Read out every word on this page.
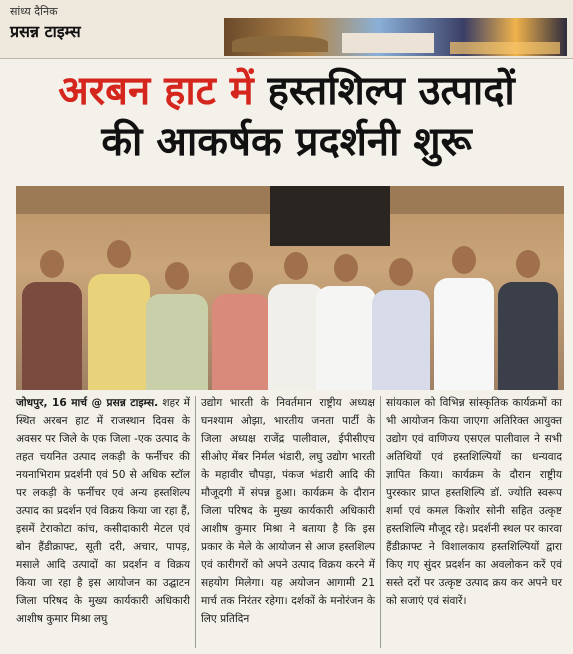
सांध्य दैनिक
प्रसन्न टाइम्स
अरबन हाट में हस्तशिल्प उत्पादों
की आकर्षक प्रदर्शनी शुरू
जोधपुर, 16 मार्च @ प्रसन्न टाइम्स. शहर में स्थित अरबन हाट में राजस्थान दिवस के अवसर पर जिले के एक जिला -एक उत्पाद के तहत चयनित उत्पाद लकड़ी के फर्नीचर की नयनाभिराम प्रदर्शनी एवं 50 से अधिक स्टॉल पर लकड़ी के फर्नीचर एवं अन्य हस्तशिल्प उत्पाद का प्रदर्शन एवं विक्रय किया जा रहा हैं, इसमें टेराकोटा कांच, कसीदाकारी मेटल एवं बोन हैंडीक्राफ्ट, सूती दरी, अचार, पापड़, मसाले आदि उत्पादों का प्रदर्शन व विक्रय किया जा रहा है इस आयोजन का उद्घाटन जिला परिषद के मुख्य कार्यकारी अधिकारी आशीष कुमार मिश्रा लघु
उद्योग भारती के निवर्तमान राष्ट्रीय अध्यक्ष घनश्याम ओझा, भारतीय जनता पार्टी के जिला अध्यक्ष राजेंद्र पालीवाल, ईपीसीएच सीओए मेंबर निर्मल भंडारी, लघु उद्योग भारती के महावीर चौपड़ा, पंकज भंडारी आदि की मौजूदगी में संपन्न हुआ। कार्यक्रम के दौरान जिला परिषद के मुख्य कार्यकारी अधिकारी आशीष कुमार मिश्रा ने बताया है कि इस प्रकार के मेले के आयोजन से आज हस्तशिल्प एवं कारीगरों को अपने उत्पाद विक्रय करने में सहयोग मिलेगा। यह अयोजन आगामी 21 मार्च तक निरंतर रहेगा। दर्शकों के मनोरंजन के लिए प्रतिदिन
सांयकाल को विभिन्न सांस्कृतिक कार्यक्रमों का भी आयोजन किया जाएगा अतिरिक्त आयुक्त उद्योग एवं वाणिज्य एसएल पालीवाल ने सभी अतिथियों एवं हस्तशिल्पियों का धन्यवाद ज्ञापित किया। कार्यक्रम के दौरान राष्ट्रीय पुरस्कार प्राप्त हस्तशिल्पि डॉ. ज्योति स्वरूप शर्मा एवं कमल किशोर सोनी सहित उत्कृष्ट हस्तशिल्पि मौजूद रहे। प्रदर्शनी स्थल पर कारवा हैंडीक्राफ्ट ने विशालकाय हस्तशिल्पियों द्वारा किए गए सुंदर प्रदर्शन का अवलोकन करें एवं सस्ते दरों पर उत्कृष्ट उत्पाद क्रय कर अपने घर को सजाएं एवं संवारें।
